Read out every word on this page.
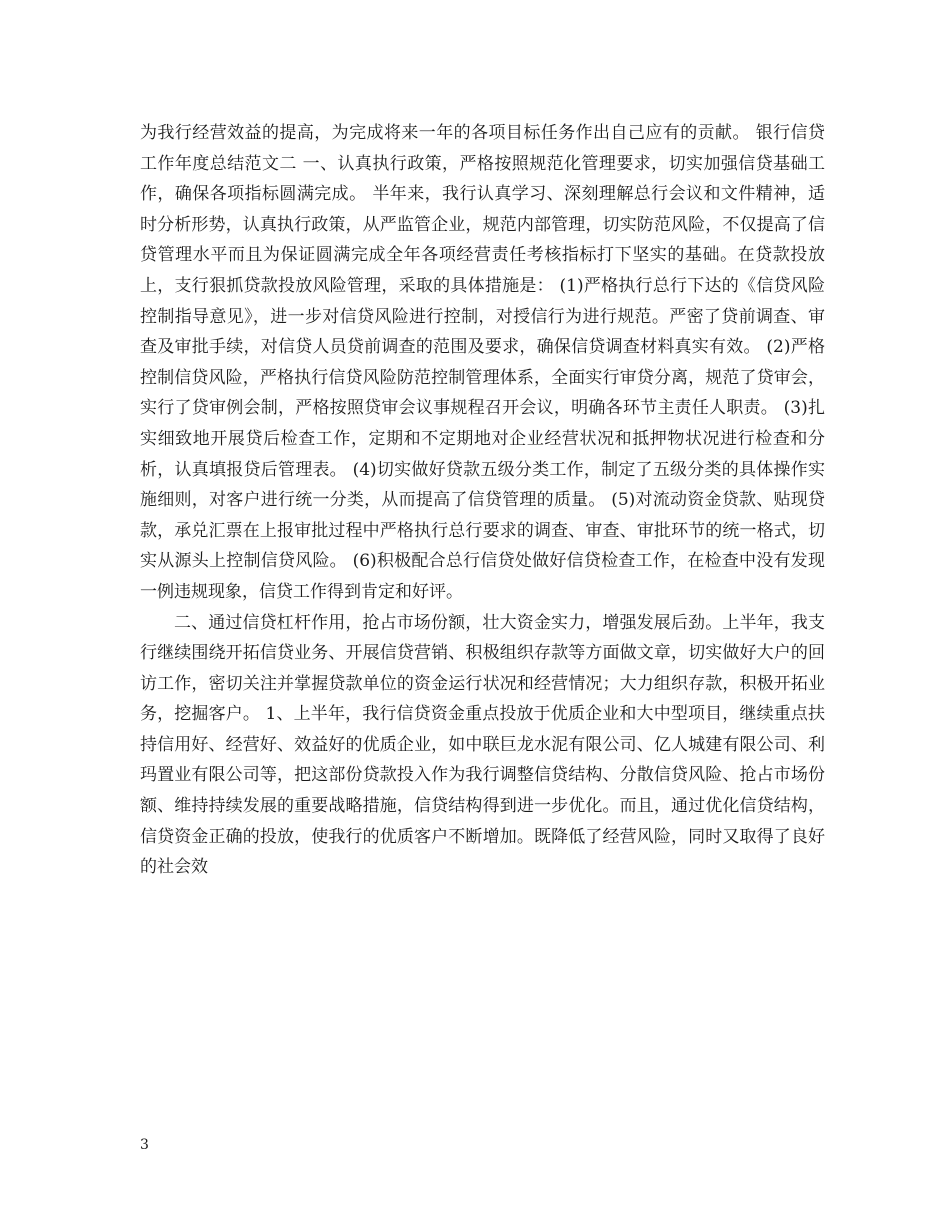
为我行经营效益的提高，为完成将来一年的各项目标任务作出自己应有的贡献。 银行信贷工作年度总结范文二 一、认真执行政策，严格按照规范化管理要求，切实加强信贷基础工作，确保各项指标圆满完成。 半年来，我行认真学习、深刻理解总行会议和文件精神，适时分析形势，认真执行政策，从严监管企业，规范内部管理，切实防范风险，不仅提高了信贷管理水平而且为保证圆满完成全年各项经营责任考核指标打下坚实的基础。在贷款投放上，支行狠抓贷款投放风险管理，采取的具体措施是： (1)严格执行总行下达的《信贷风险控制指导意见》，进一步对信贷风险进行控制，对授信行为进行规范。严密了贷前调查、审查及审批手续，对信贷人员贷前调查的范围及要求，确保信贷调查材料真实有效。 (2)严格控制信贷风险，严格执行信贷风险防范控制管理体系，全面实行审贷分离，规范了贷审会，实行了贷审例会制，严格按照贷审会议事规程召开会议，明确各环节主责任人职责。 (3)扎实细致地开展贷后检查工作，定期和不定期地对企业经营状况和抵押物状况进行检查和分析，认真填报贷后管理表。 (4)切实做好贷款五级分类工作，制定了五级分类的具体操作实施细则，对客户进行统一分类，从而提高了信贷管理的质量。 (5)对流动资金贷款、贴现贷款，承兑汇票在上报审批过程中严格执行总行要求的调查、审查、审批环节的统一格式，切实从源头上控制信贷风险。 (6)积极配合总行信贷处做好信贷检查工作，在检查中没有发现一例违规现象，信贷工作得到肯定和好评。

二、通过信贷杠杆作用，抢占市场份额，壮大资金实力，增强发展后劲。上半年，我支行继续围绕开拓信贷业务、开展信贷营销、积极组织存款等方面做文章，切实做好大户的回访工作，密切关注并掌握贷款单位的资金运行状况和经营情况；大力组织存款，积极开拓业务，挖掘客户。 1、上半年，我行信贷资金重点投放于优质企业和大中型项目，继续重点扶持信用好、经营好、效益好的优质企业，如中联巨龙水泥有限公司、亿人城建有限公司、利玛置业有限公司等，把这部份贷款投入作为我行调整信贷结构、分散信贷风险、抢占市场份额、维持持续发展的重要战略措施，信贷结构得到进一步优化。而且，通过优化信贷结构，信贷资金正确的投放，使我行的优质客户不断增加。既降低了经营风险，同时又取得了良好的社会效

3
